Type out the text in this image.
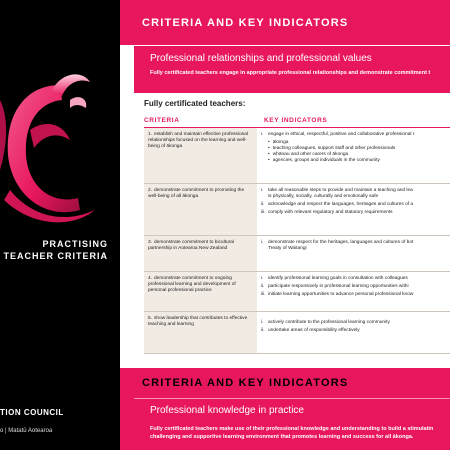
PRACTISING
TEACHER CRITERIA
TION COUNCIL
o | Matatū Aotearoa
CRITERIA AND KEY INDICATORS
Professional relationships and professional values
Fully certificated teachers engage in appropriate professional relationships and demonstrate commitment t
Fully certificated teachers:
CRITERIA	KEY INDICATORS
1. establish and maintain effective professional relationships focused on the learning and well-being of ākonga

i. engage in ethical, respectful, positive and collaborative professional r

• ākonga
• teaching colleagues, support staff and other professionals
• whānau and other carers of ākonga
• agencies, groups and individuals in the community
2. demonstrate commitment to promoting the well-being of all ākonga

i. take all reasonable steps to provide and maintain a teaching and lea

is physically, socially, culturally and emotionally safe

ii. acknowledge and respect the languages, heritages and cultures of a

iii. comply with relevant regulatory and statutory requirements

3. demonstrate commitment to bicultural partnership in Aotearoa New Zealand

i. demonstrate respect for the heritages, languages and cultures of bot

Treaty of Waitangi

4. demonstrate commitment to ongoing professional learning and development of personal professional practice

i. identify professional learning goals in consultation with colleagues

ii. participate responsively in professional learning opportunities withi

iii. initiate learning opportunities to advance personal professional know

5. show leadership that contributes to effective teaching and learning	i. actively contribute to the professional learning community

ii. undertake areas of responsibility effectively

CRITERIA AND KEY INDICATORS
Professional knowledge in practice
Fully certificated teachers make use of their professional knowledge and understanding to build a stimulatin
challenging and supportive learning environment that promotes learning and success for all ākonga.
